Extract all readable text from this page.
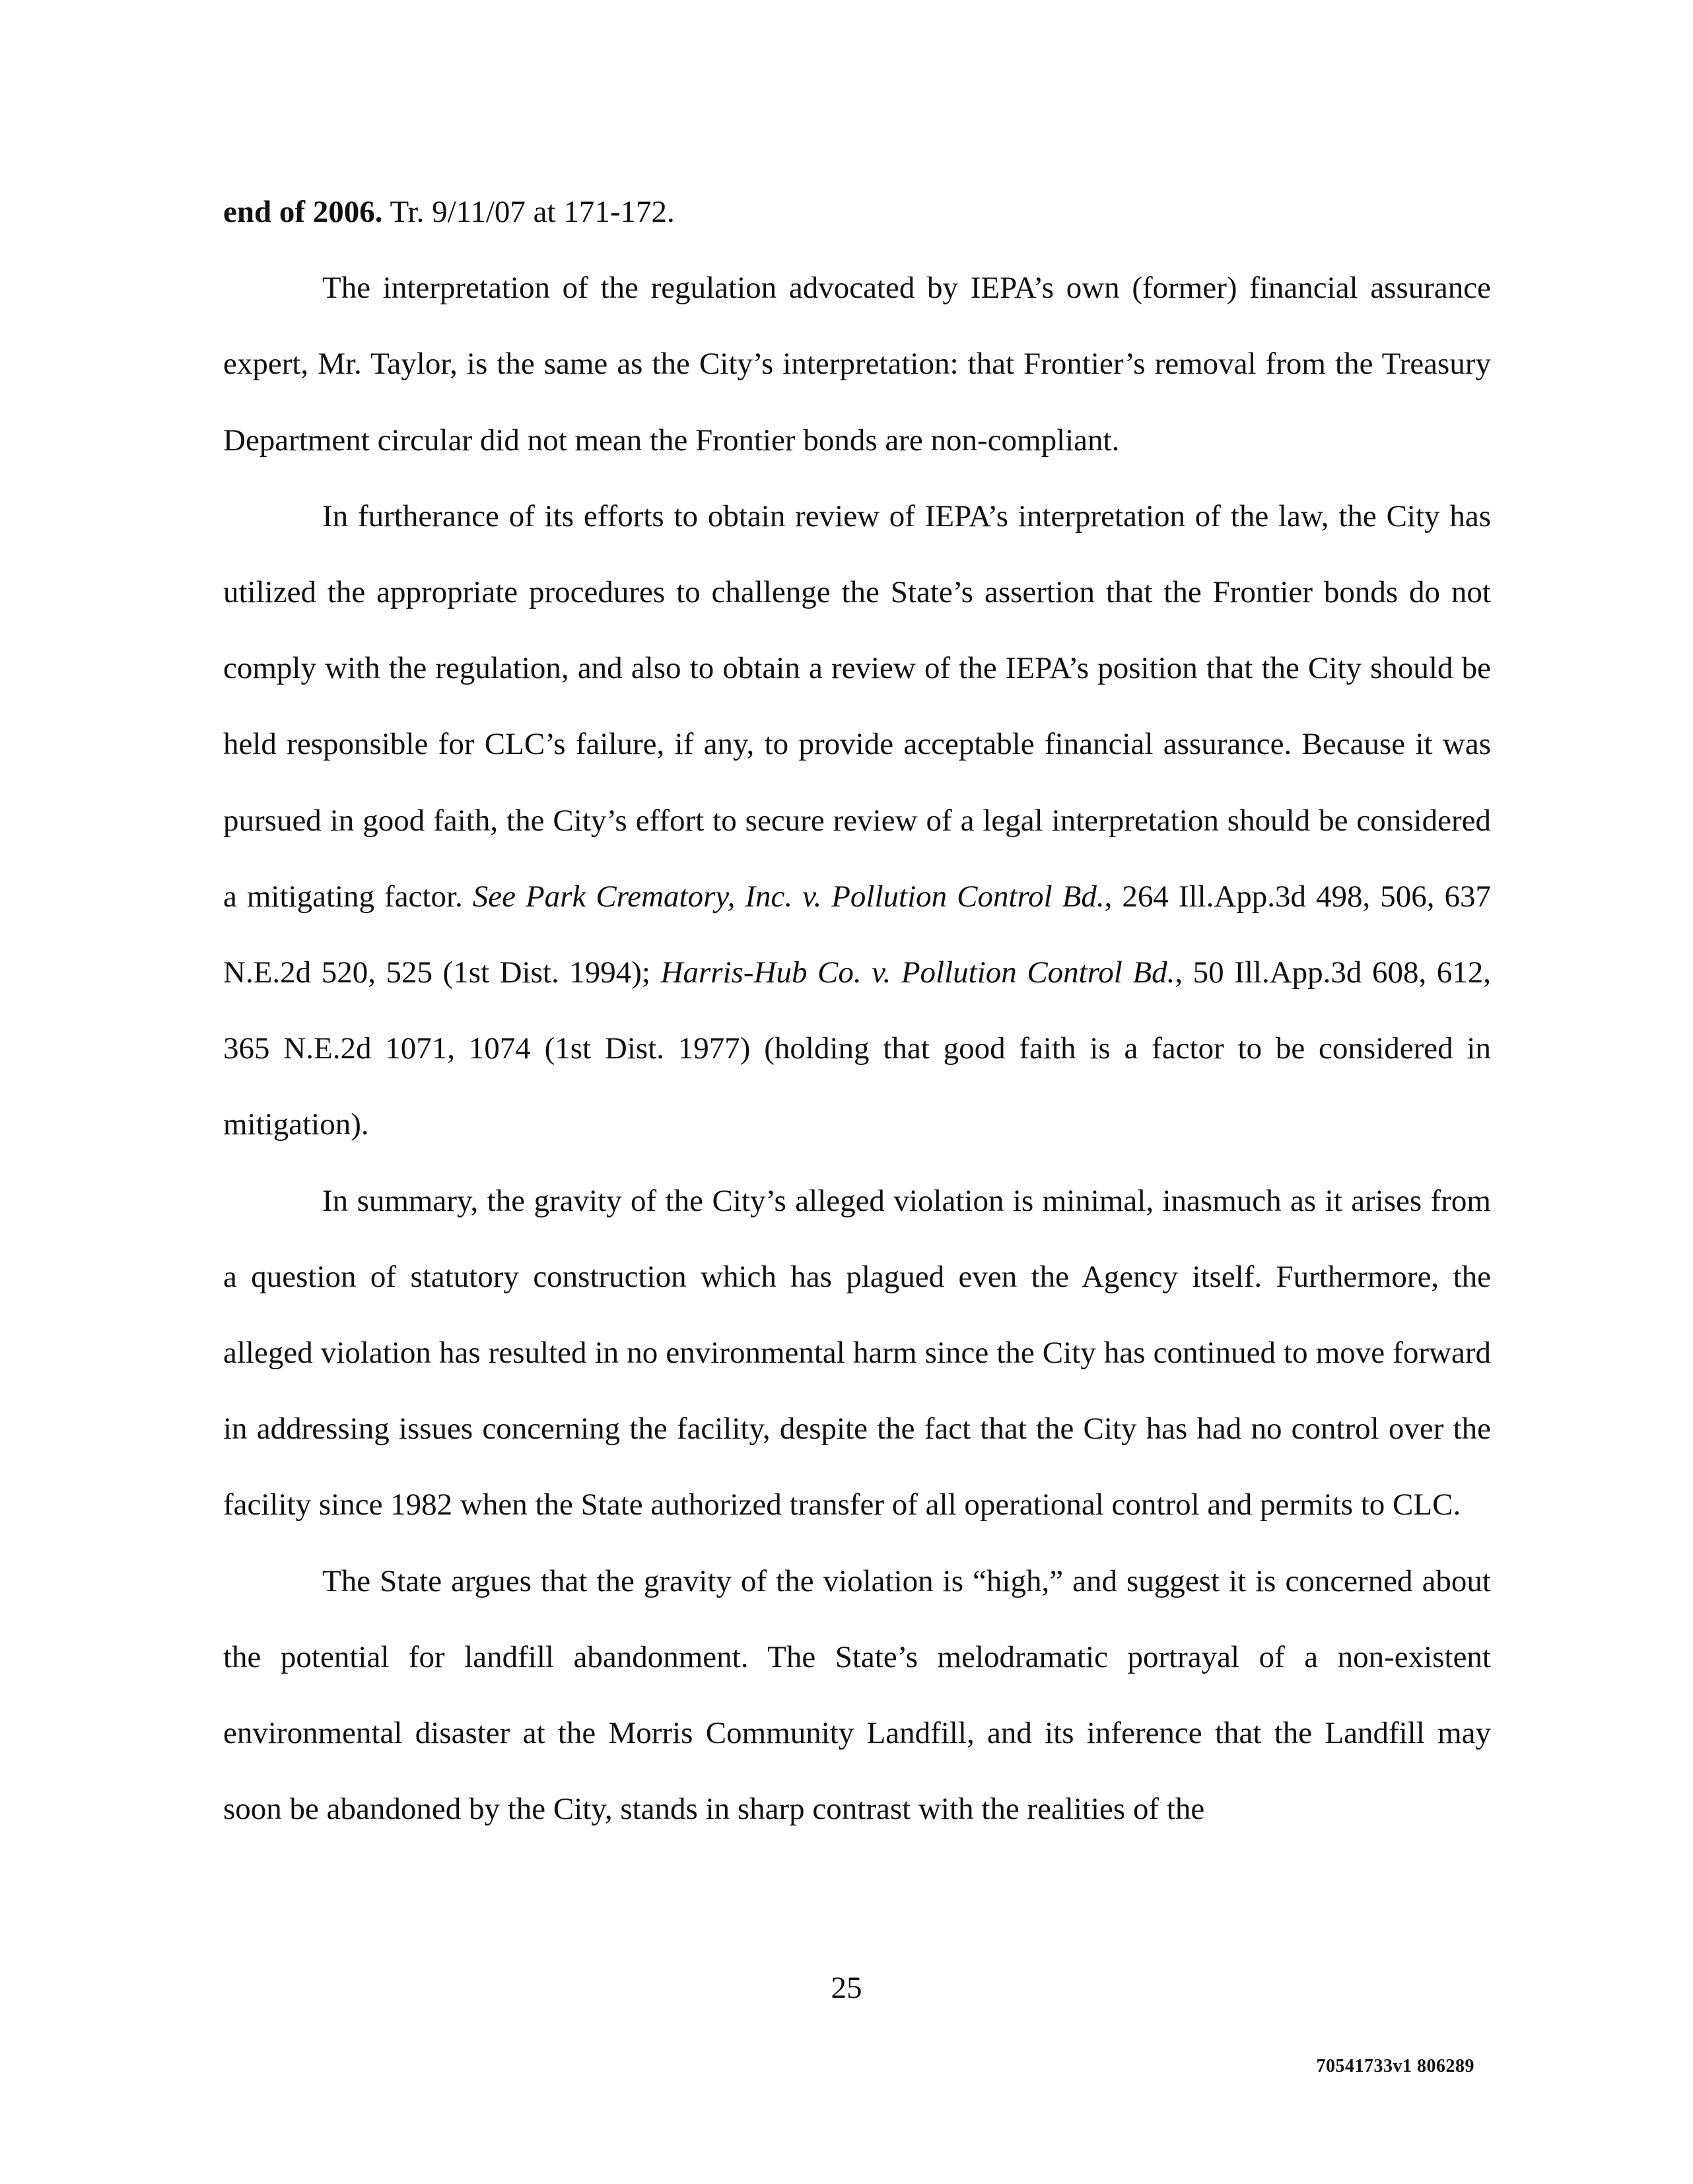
end of 2006. Tr. 9/11/07 at 171-172.

The interpretation of the regulation advocated by IEPA’s own (former) financial assurance expert, Mr. Taylor, is the same as the City’s interpretation: that Frontier’s removal from the Treasury Department circular did not mean the Frontier bonds are non-compliant.

In furtherance of its efforts to obtain review of IEPA’s interpretation of the law, the City has utilized the appropriate procedures to challenge the State’s assertion that the Frontier bonds do not comply with the regulation, and also to obtain a review of the IEPA’s position that the City should be held responsible for CLC’s failure, if any, to provide acceptable financial assurance. Because it was pursued in good faith, the City’s effort to secure review of a legal interpretation should be considered a mitigating factor. See Park Crematory, Inc. v. Pollution Control Bd., 264 Ill.App.3d 498, 506, 637 N.E.2d 520, 525 (1st Dist. 1994); Harris-Hub Co. v. Pollution Control Bd., 50 Ill.App.3d 608, 612, 365 N.E.2d 1071, 1074 (1st Dist. 1977) (holding that good faith is a factor to be considered in mitigation).

In summary, the gravity of the City’s alleged violation is minimal, inasmuch as it arises from a question of statutory construction which has plagued even the Agency itself. Furthermore, the alleged violation has resulted in no environmental harm since the City has continued to move forward in addressing issues concerning the facility, despite the fact that the City has had no control over the facility since 1982 when the State authorized transfer of all operational control and permits to CLC.

The State argues that the gravity of the violation is “high,” and suggest it is concerned about the potential for landfill abandonment. The State’s melodramatic portrayal of a non-existent environmental disaster at the Morris Community Landfill, and its inference that the Landfill may soon be abandoned by the City, stands in sharp contrast with the realities of the

25
70541733v1 806289
